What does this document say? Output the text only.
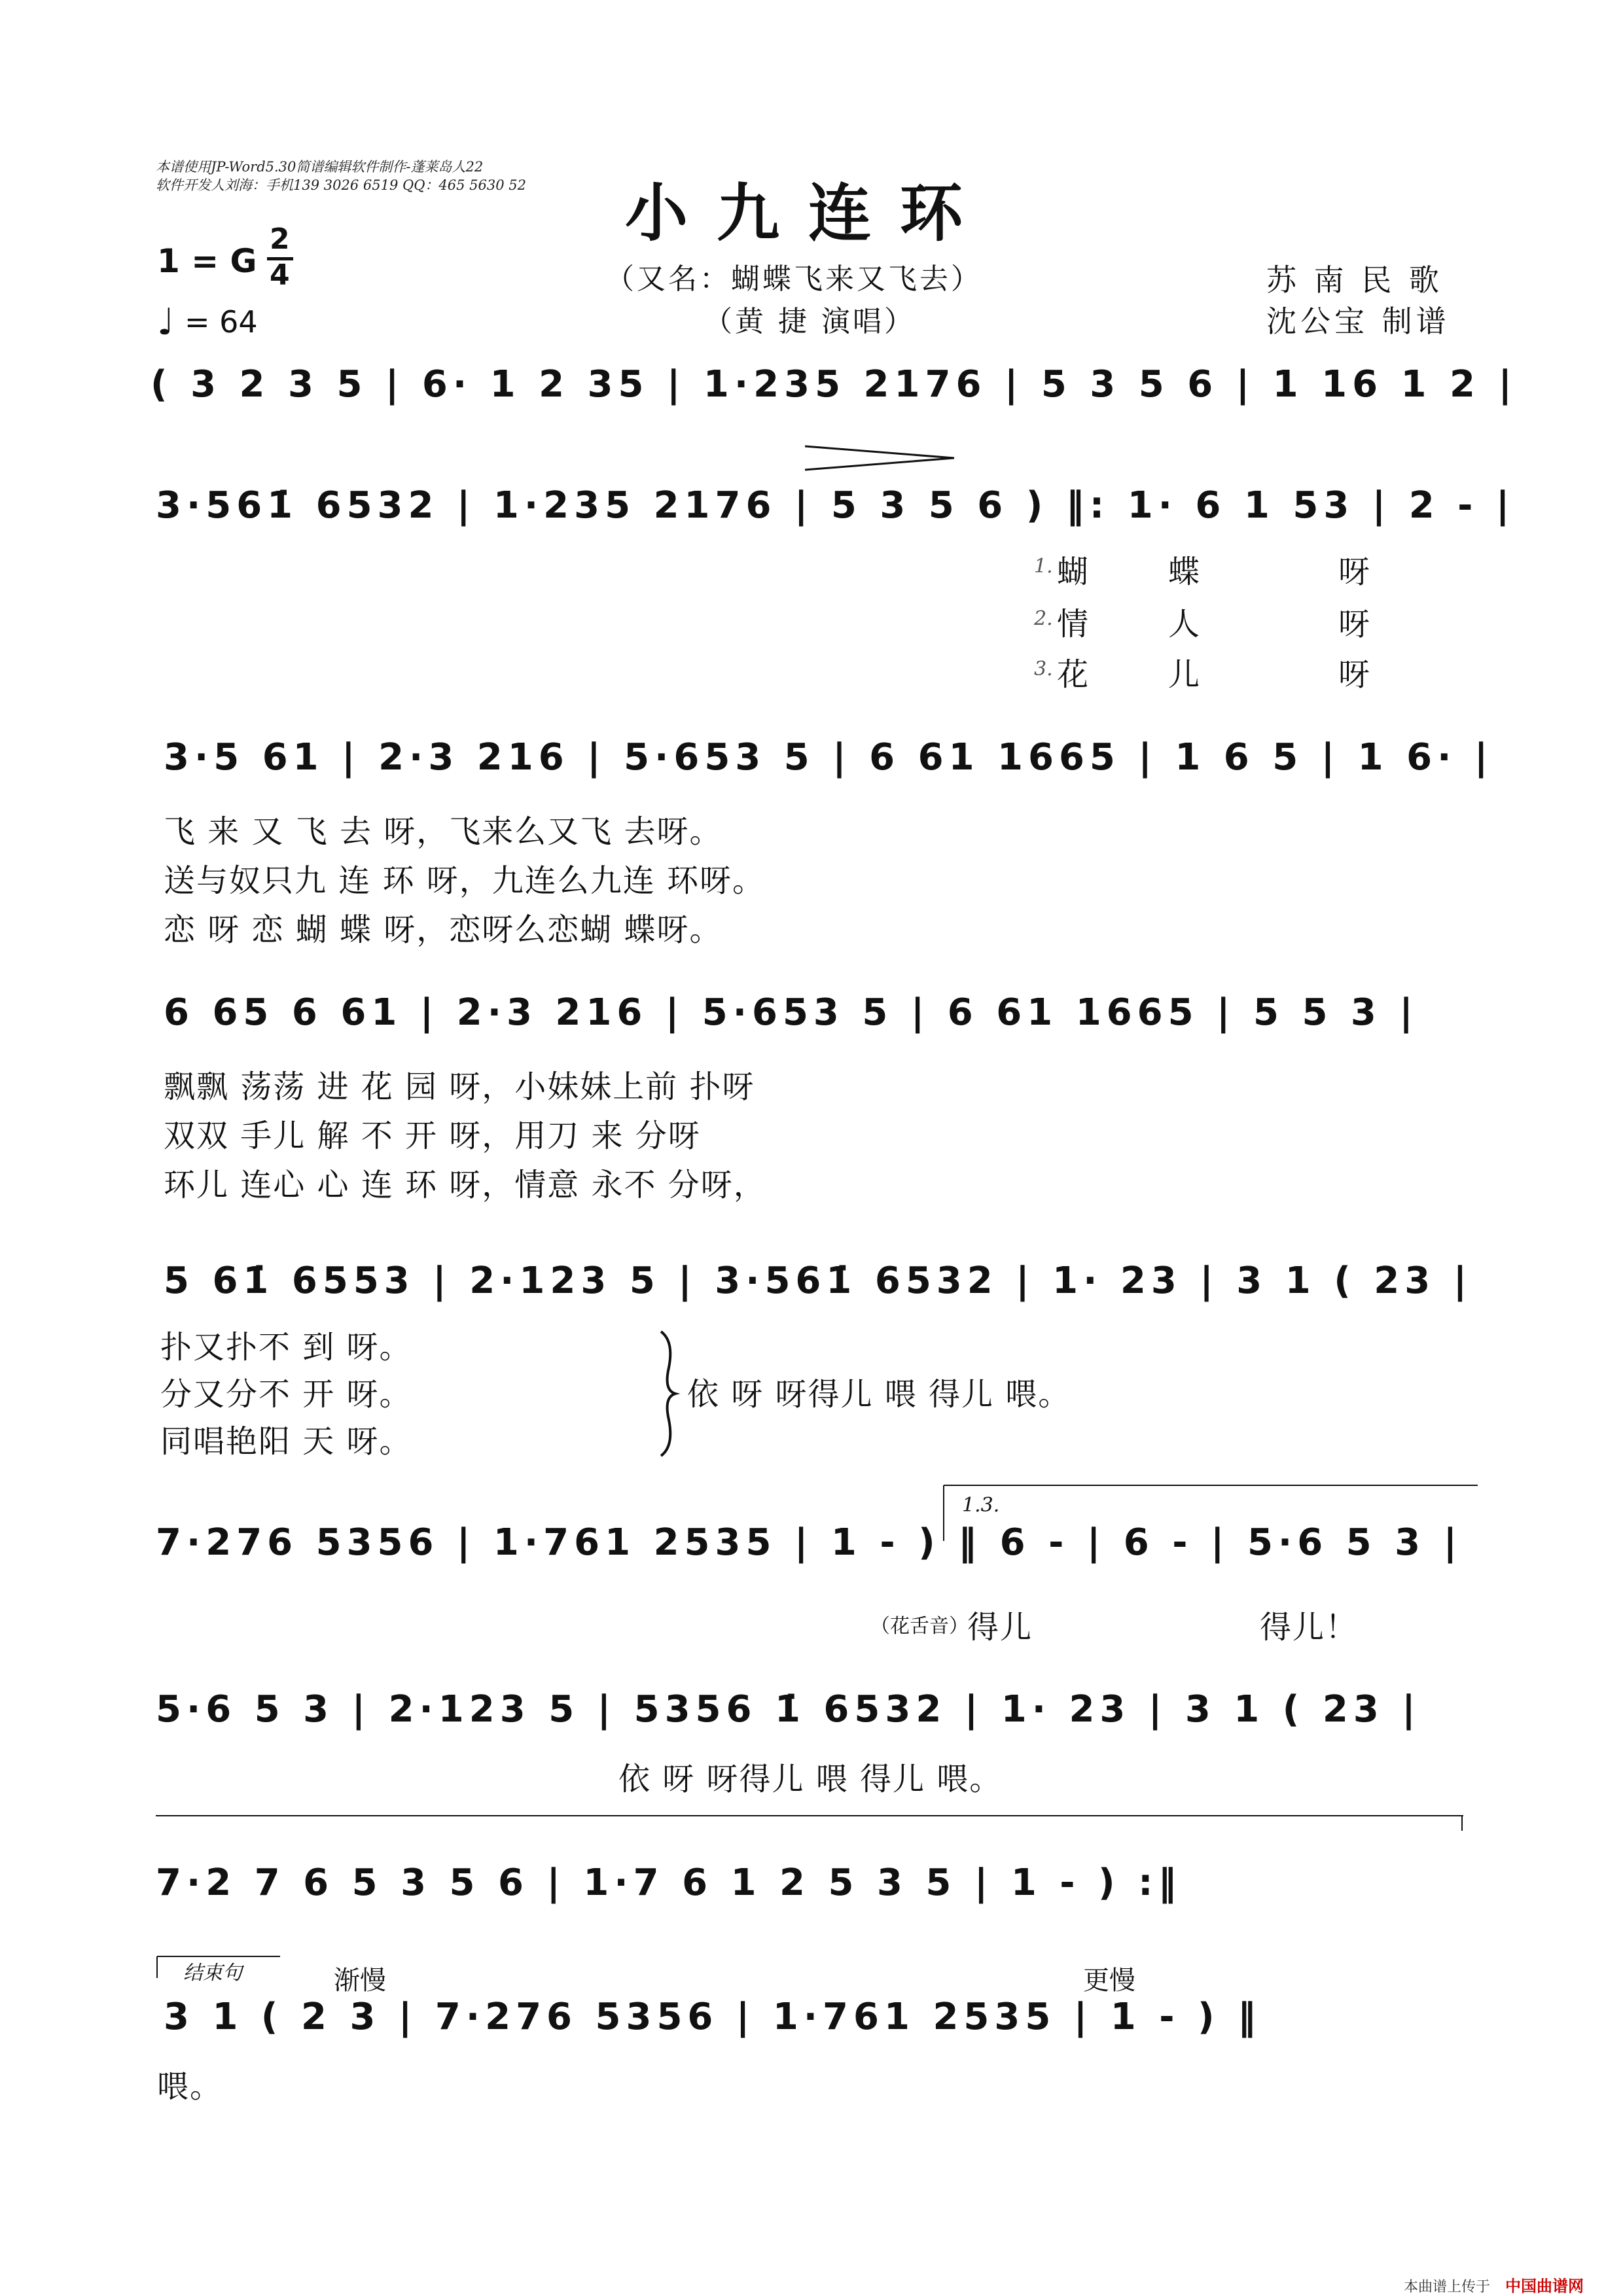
本谱使用JP-Word5.30简谱编辑软件制作-蓬莱岛人22
软件开发人刘海：手机139 3026 6519 QQ：465 5630 52 小九连环
（又名：蝴蝶飞来又飞去）
（黄 捷 演唱）
苏 南 民 歌
沈公宝 制谱
1 = G
2
4
♩ = 64
( 3 2 3 5 | 6· 1 2 35 | 1·235 2176 | 5 3 5 6 | 1 16 1 2 |
3·561̇ 6532 | 1·235 2176 | 5 3 5 6 ) ‖: 1· 6 1 53 | 2 - |
1. 蝴	蝶	呀
2. 情	人	呀
3. 花	儿	呀
3·5 61 | 2·3 216 | 5·653 5 | 6 61 1665 | 1 6 5 | 1 6· |
飞 来 又 飞 去 呀，飞来么又飞 去呀。
送与奴只九 连 环 呀，九连么九连 环呀。
恋 呀 恋 蝴 蝶 呀，恋呀么恋蝴 蝶呀。
6 65 6 61 | 2·3 216 | 5·653 5 | 6 61 1665 | 5 5 3 |
飘飘 荡荡 进 花 园 呀，小妹妹上前 扑呀
双双 手儿 解 不 开 呀，用刀 来 分呀
环儿 连心 心 连 环 呀，情意 永不 分呀，
5 61̇ 6553 | 2·123 5 | 3·561̇ 6532 | 1· 23 | 3 1 ( 23 |
扑又扑不 到 呀。
分又分不 开 呀。
同唱艳阳 天 呀。
依 呀 呀得儿 喂 得儿 喂。
1.3.
7·276 5356 | 1·761 2535 | 1 - ) ‖ 6 - | 6 - | 5·6 5 3 |
（花舌音）
得儿	得儿！
5·6 5 3 | 2·123 5 | 5356 1̇ 6532 | 1· 23 | 3 1 ( 23 |
依 呀 呀得儿 喂 得儿 喂。
7·2 7 6 5 3 5 6 | 1·7 6 1 2 5 3 5 | 1 - ) :‖
结束句	渐慢	更慢
3 1 ( 2 3 | 7·276 5356 | 1·761 2535 | 1 - ) ‖
喂。
本曲谱上传于 中国曲谱网
